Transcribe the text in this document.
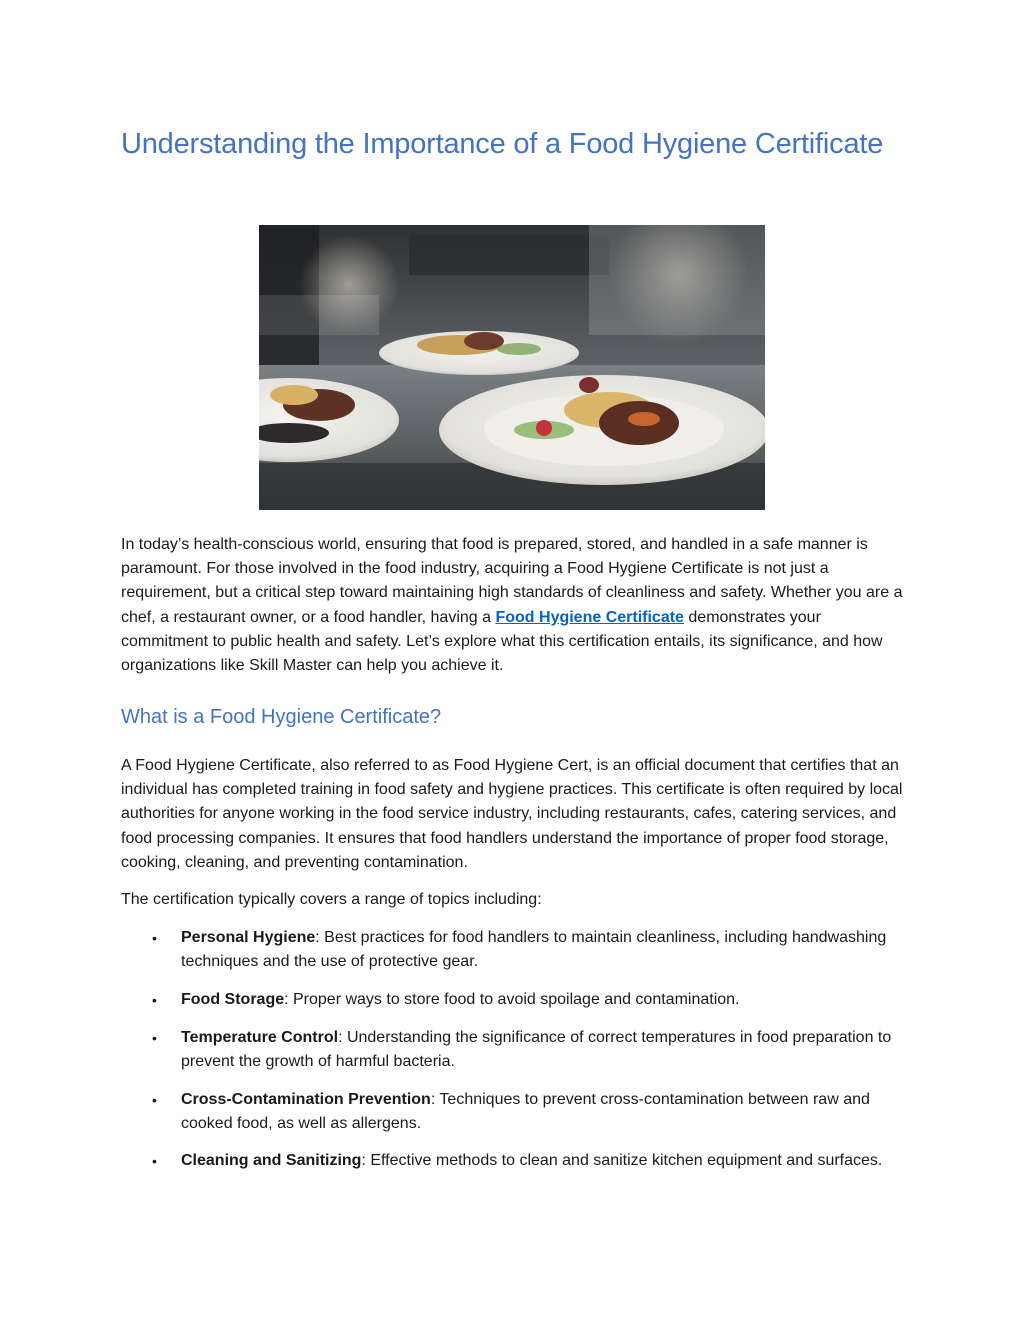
Understanding the Importance of a Food Hygiene Certificate

In today’s health-conscious world, ensuring that food is prepared, stored, and handled in a safe manner is paramount. For those involved in the food industry, acquiring a Food Hygiene Certificate is not just a requirement, but a critical step toward maintaining high standards of cleanliness and safety. Whether you are a chef, a restaurant owner, or a food handler, having a Food Hygiene Certificate demonstrates your commitment to public health and safety. Let’s explore what this certification entails, its significance, and how organizations like Skill Master can help you achieve it.

What is a Food Hygiene Certificate?

A Food Hygiene Certificate, also referred to as Food Hygiene Cert, is an official document that certifies that an individual has completed training in food safety and hygiene practices. This certificate is often required by local authorities for anyone working in the food service industry, including restaurants, cafes, catering services, and food processing companies. It ensures that food handlers understand the importance of proper food storage, cooking, cleaning, and preventing contamination.

The certification typically covers a range of topics including:

• Personal Hygiene: Best practices for food handlers to maintain cleanliness, including handwashing techniques and the use of protective gear.
• Food Storage: Proper ways to store food to avoid spoilage and contamination.
• Temperature Control: Understanding the significance of correct temperatures in food preparation to prevent the growth of harmful bacteria.
• Cross-Contamination Prevention: Techniques to prevent cross-contamination between raw and cooked food, as well as allergens.
• Cleaning and Sanitizing: Effective methods to clean and sanitize kitchen equipment and surfaces.
